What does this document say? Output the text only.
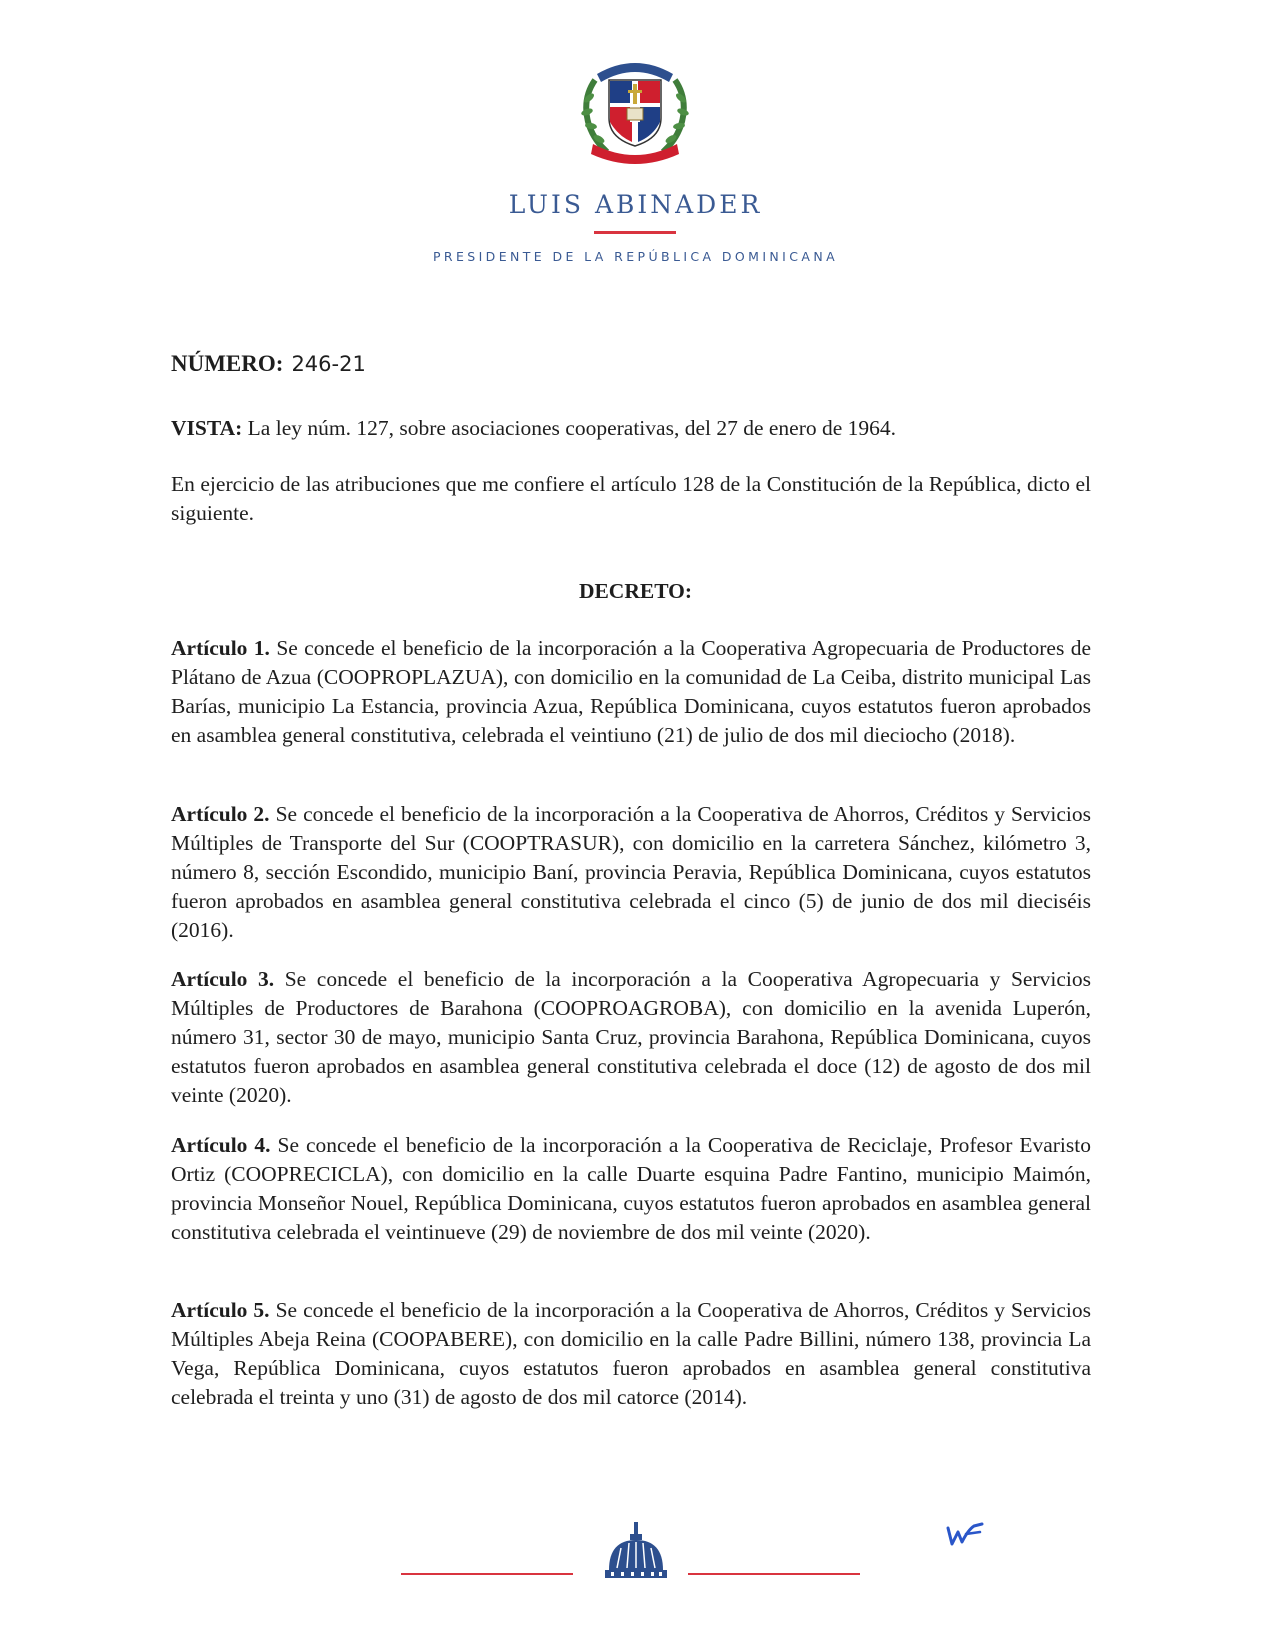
LUIS ABINADER
PRESIDENTE DE LA REPÚBLICA DOMINICANA
NÚMERO: 246-21
VISTA: La ley núm. 127, sobre asociaciones cooperativas, del 27 de enero de 1964.
En ejercicio de las atribuciones que me confiere el artículo 128 de la Constitución de la República, dicto el siguiente.
DECRETO:
Artículo 1. Se concede el beneficio de la incorporación a la Cooperativa Agropecuaria de Productores de Plátano de Azua (COOPROPLAZUA), con domicilio en la comunidad de La Ceiba, distrito municipal Las Barías, municipio La Estancia, provincia Azua, República Dominicana, cuyos estatutos fueron aprobados en asamblea general constitutiva, celebrada el veintiuno (21) de julio de dos mil dieciocho (2018).
Artículo 2. Se concede el beneficio de la incorporación a la Cooperativa de Ahorros, Créditos y Servicios Múltiples de Transporte del Sur (COOPTRASUR), con domicilio en la carretera Sánchez, kilómetro 3, número 8, sección Escondido, municipio Baní, provincia Peravia, República Dominicana, cuyos estatutos fueron aprobados en asamblea general constitutiva celebrada el cinco (5) de junio de dos mil dieciséis (2016).
Artículo 3. Se concede el beneficio de la incorporación a la Cooperativa Agropecuaria y Servicios Múltiples de Productores de Barahona (COOPROAGROBA), con domicilio en la avenida Luperón, número 31, sector 30 de mayo, municipio Santa Cruz, provincia Barahona, República Dominicana, cuyos estatutos fueron aprobados en asamblea general constitutiva celebrada el doce (12) de agosto de dos mil veinte (2020).
Artículo 4. Se concede el beneficio de la incorporación a la Cooperativa de Reciclaje, Profesor Evaristo Ortiz (COOPRECICLA), con domicilio en la calle Duarte esquina Padre Fantino, municipio Maimón, provincia Monseñor Nouel, República Dominicana, cuyos estatutos fueron aprobados en asamblea general constitutiva celebrada el veintinueve (29) de noviembre de dos mil veinte (2020).
Artículo 5. Se concede el beneficio de la incorporación a la Cooperativa de Ahorros, Créditos y Servicios Múltiples Abeja Reina (COOPABERE), con domicilio en la calle Padre Billini, número 138, provincia La Vega, República Dominicana, cuyos estatutos fueron aprobados en asamblea general constitutiva celebrada el treinta y uno (31) de agosto de dos mil catorce (2014).
